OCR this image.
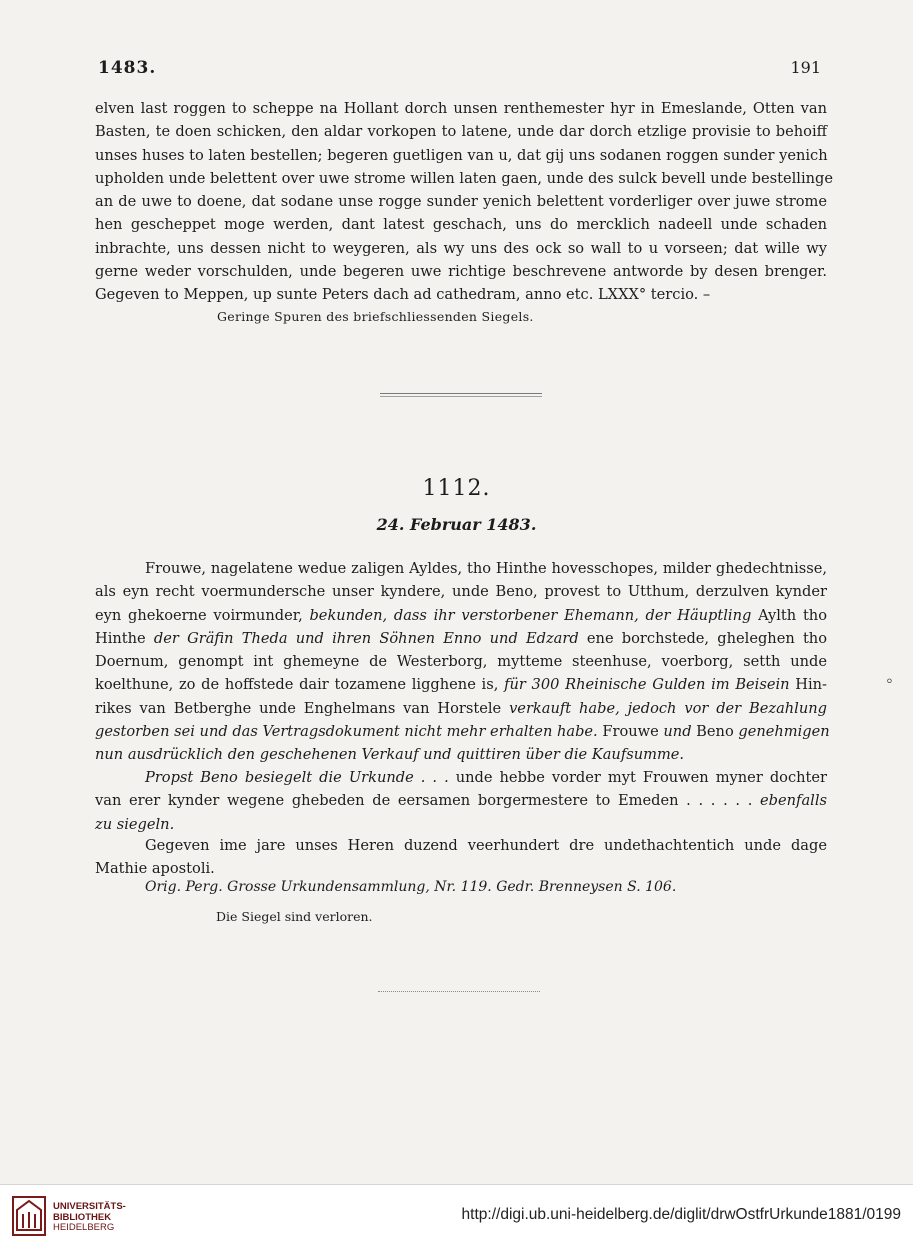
1483.	191
elven last roggen to scheppe na Hollant dorch unsen renthemester hyr in Emeslande, Otten van
Basten, te doen schicken, den aldar vorkopen to latene, unde dar dorch etzlige provisie to behoiff
unses huses to laten bestellen; begeren guetligen van u, dat gij uns sodanen roggen sunder yenich
upholden unde belettent over uwe strome willen laten gaen, unde des sulck bevell unde bestellinge
an de uwe to doene, dat sodane unse rogge sunder yenich belettent vorderliger over juwe strome
hen gescheppet moge werden, dant latest geschach, uns do mercklich nadeell unde schaden
inbrachte, uns dessen nicht to weygeren, als wy uns des ock so wall to u vorseen; dat wille wy
gerne weder vorschulden, unde begeren uwe richtige beschrevene antworde by desen brenger.
Gegeven to Meppen, up sunte Peters dach ad cathedram, anno etc. LXXX° tercio. –
Geringe Spuren des briefschliessenden Siegels.
1112.
24. Februar 1483.
Frouwe, nagelatene wedue zaligen Ayldes, tho Hinthe hovesschopes, milder ghedechtnisse,
als eyn recht voermundersche unser kyndere, unde Beno, provest to Utthum, derzulven kynder
eyn ghekoerne voirmunder, bekunden, dass ihr verstorbener Ehemann, der Häuptling Aylth tho
Hinthe der Gräfin Theda und ihren Söhnen Enno und Edzard ene borchstede, gheleghen tho
Doernum, genompt int ghemeyne de Westerborg, mytteme steenhuse, voerborg, setth unde
koelthune, zo de hoffstede dair tozamene ligghene is, für 300 Rheinische Gulden im Beisein Hin-
rikes van Betberghe unde Enghelmans van Horstele verkauft habe, jedoch vor der Bezahlung
gestorben sei und das Vertragsdokument nicht mehr erhalten habe. Frouwe und Beno genehmigen
nun ausdrücklich den geschehenen Verkauf und quittiren über die Kaufsumme.
Propst Beno besiegelt die Urkunde . . . unde hebbe vorder myt Frouwen myner dochter
van erer kynder wegene ghebeden de eersamen borgermestere to Emeden . . . . . . ebenfalls
zu siegeln.
Gegeven ime jare unses Heren duzend veerhundert dre undethachtentich unde dage
Mathie apostoli.
Orig. Perg. Grosse Urkundensammlung, Nr. 119. Gedr. Brenneysen S. 106.
Die Siegel sind verloren.
⸰
UNIVERSITÄTS-
BIBLIOTHEK
HEIDELBERG
http://digi.ub.uni-heidelberg.de/diglit/drwOstfrUrkunde1881/0199
